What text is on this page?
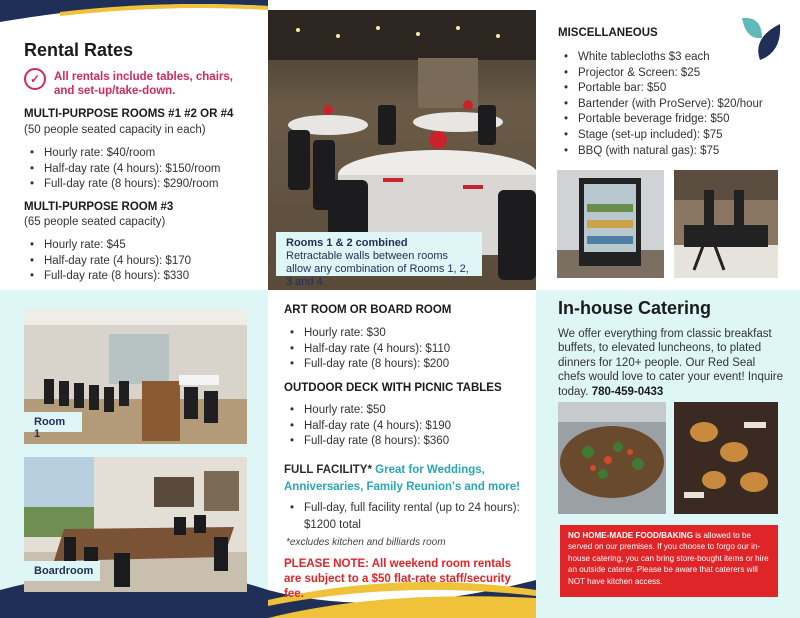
Rental Rates
✓	All rentals include tables, chairs, and set-up/take-down.
MULTI-PURPOSE ROOMS #1 #2 OR #4
(50 people seated capacity in each)
• Hourly rate: $40/room
• Half-day rate (4 hours): $150/room
• Full-day rate (8 hours): $290/room
MULTI-PURPOSE ROOM #3
(65 people seated capacity)
• Hourly rate: $45
• Half-day rate (4 hours): $170
• Full-day rate (8 hours): $330
Rooms 1 & 2 combined
Retractable walls between rooms allow any combination of Rooms 1, 2, 3 and 4.
MISCELLANEOUS
• White tablecloths $3 each
• Projector & Screen: $25
• Portable bar: $50
• Bartender (with ProServe): $20/hour
• Portable beverage fridge: $50
• Stage (set-up included): $75
• BBQ (with natural gas): $75
Room 1
Boardroom
ART ROOM OR BOARD ROOM
• Hourly rate: $30
• Half-day rate (4 hours): $110
• Full-day rate (8 hours): $200
OUTDOOR DECK WITH PICNIC TABLES
• Hourly rate: $50
• Half-day rate (4 hours): $190
• Full-day rate (8 hours): $360
FULL FACILITY* Great for Weddings, Anniversaries, Family Reunion's and more!
• Full-day, full facility rental (up to 24 hours): $1200 total
*excludes kitchen and billiards room
PLEASE NOTE: All weekend room rentals are subject to a $50 flat-rate staff/security fee.
In-house Catering
We offer everything from classic breakfast buffets, to elevated luncheons, to plated dinners for 120+ people. Our Red Seal chefs would love to cater your event! Inquire today. 780-459-0433
NO HOME-MADE FOOD/BAKING is allowed to be served on our premises. If you choose to forgo our in-house catering, you can bring store-bought items or hire an outside caterer. Please be aware that caterers will NOT have kitchen access.
